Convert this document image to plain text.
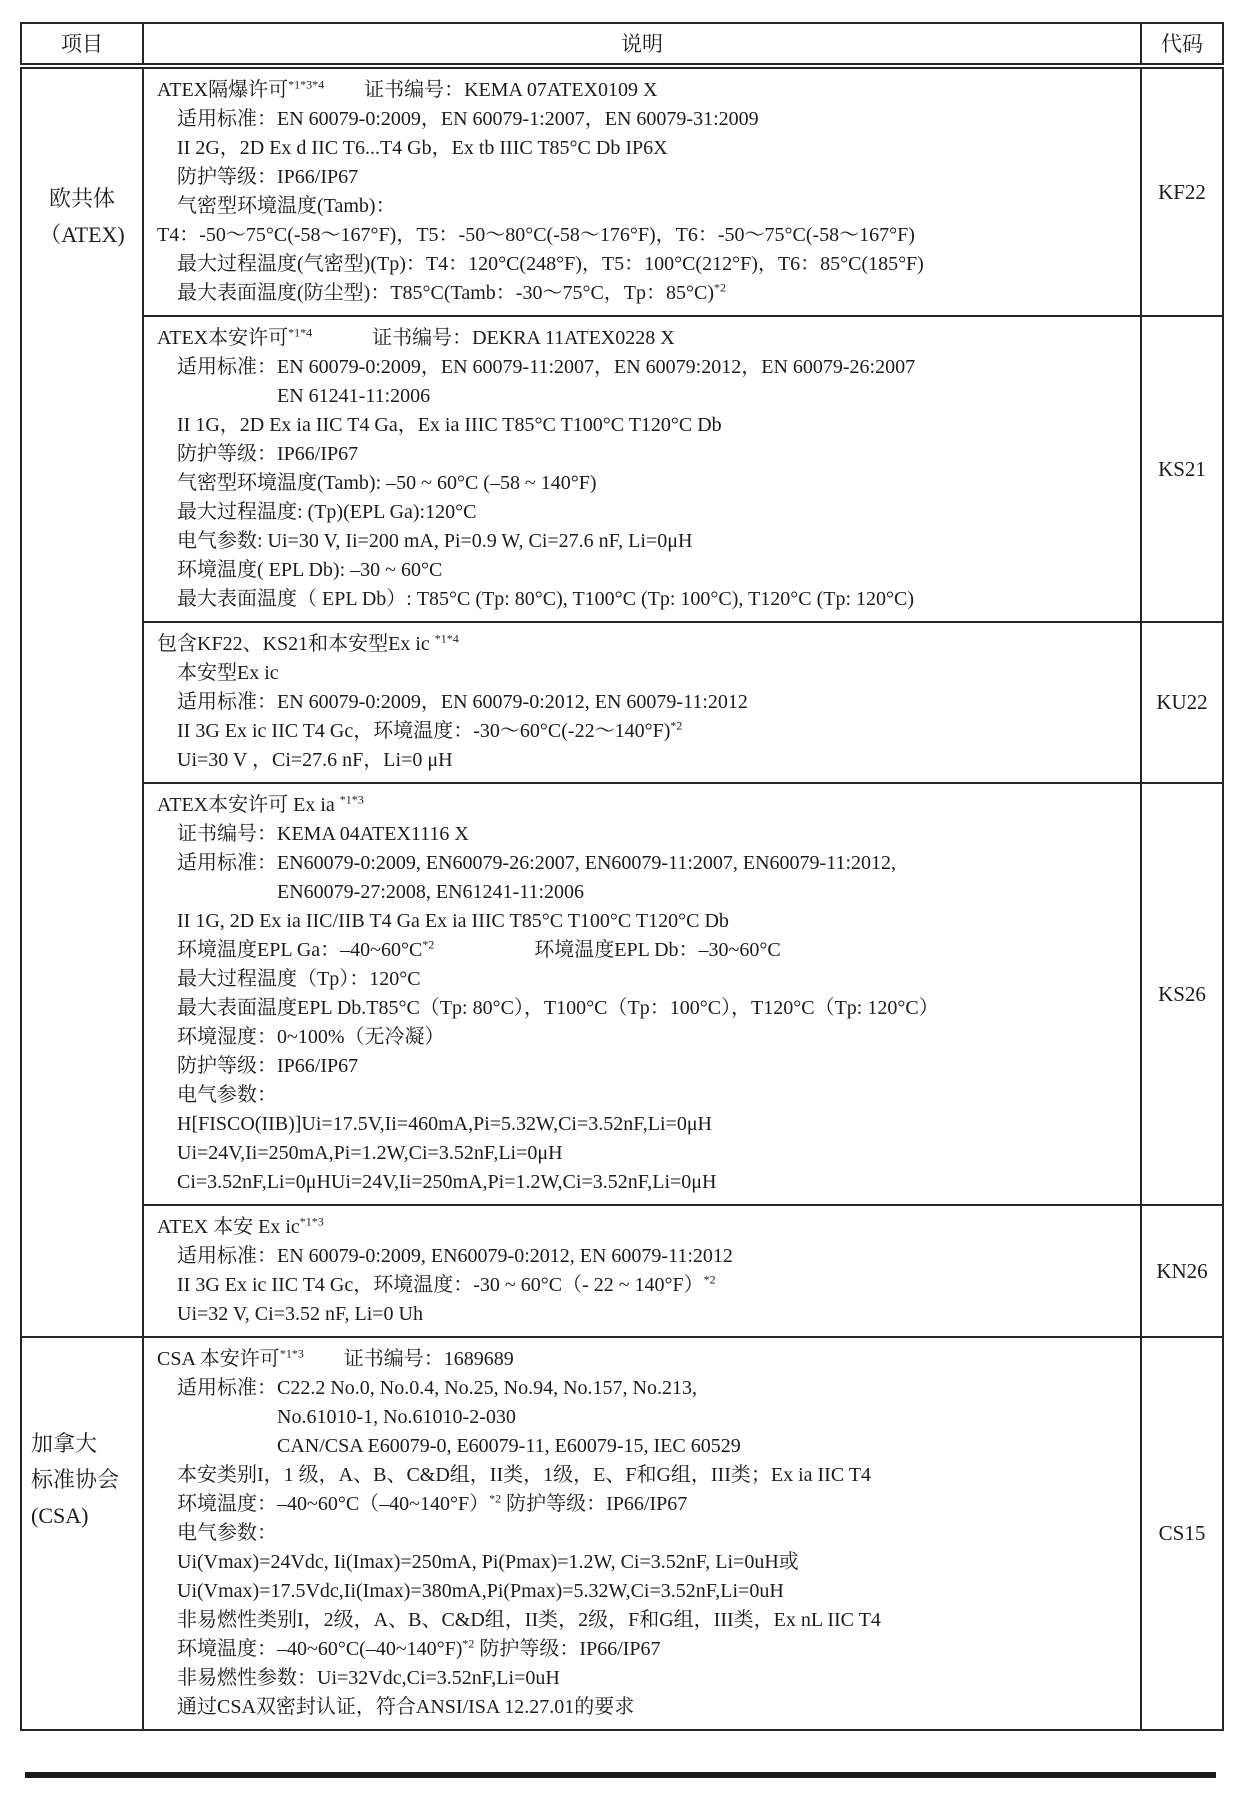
项目	说明	代码

欧共体
（ATEX)

ATEX隔爆许可$^{*1*3*4}$　　证书编号：KEMA 07ATEX0109 X
　适用标准：EN 60079-0:2009，EN 60079-1:2007，EN 60079-31:2009
　II 2G，2D Ex d IIC T6...T4 Gb，Ex tb IIIC T85°C Db IP6X
　防护等级：IP66/IP67
　气密型环境温度(Tamb)：
T4：-50～75°C(-58～167°F)，T5：-50～80°C(-58～176°F)，T6：-50～75°C(-58～167°F)
　最大过程温度(气密型)(Tp)：T4：120°C(248°F)，T5：100°C(212°F)，T6：85°C(185°F)
　最大表面温度(防尘型)：T85°C(Tamb：-30～75°C，Tp：85°C)$^{*2}$
	KF22

ATEX本安许可$^{*1*4}$　　　证书编号：DEKRA 11ATEX0228 X
　适用标准：EN 60079-0:2009，EN 60079-11:2007，EN 60079:2012，EN 60079-26:2007
　　　　　　EN 61241-11:2006
　II 1G，2D Ex ia IIC T4 Ga，Ex ia IIIC T85°C T100°C T120°C Db
　防护等级：IP66/IP67
　气密型环境温度(Tamb): –50 ~ 60°C (–58 ~ 140°F)
　最大过程温度: (Tp)(EPL Ga):120°C
　电气参数: Ui=30 V, Ii=200 mA, Pi=0.9 W, Ci=27.6 nF, Li=0μH
　环境温度( EPL Db): –30 ~ 60°C
　最大表面温度（ EPL Db）: T85°C (Tp: 80°C), T100°C (Tp: 100°C), T120°C (Tp: 120°C)
	KS21

	包含KF22、KS21和本安型Ex ic $^{*1*4}$
　本安型Ex ic
　适用标准：EN 60079-0:2009，EN 60079-0:2012, EN 60079-11:2012
　II 3G Ex ic IIC T4 Gc，环境温度：-30～60°C(-22～140°F)$^{*2}$
　Ui=30 V ，Ci=27.6 nF，Li=0 μH	KU22

ATEX本安许可 Ex ia $^{*1*3}$
　证书编号：KEMA 04ATEX1116 X
　适用标准：EN60079-0:2009, EN60079-26:2007, EN60079-11:2007, EN60079-11:2012,
　　　　　　EN60079-27:2008, EN61241-11:2006
　II 1G, 2D Ex ia IIC/IIB T4 Ga Ex ia IIIC T85°C T100°C T120°C Db
　环境温度EPL Ga：$-40\sim 60^\circ C^{*2}$　　　　　环境温度EPL Db：–30~60°C
　最大过程温度（Tp）：120°C
　最大表面温度EPL Db.T85°C（Tp: 80°C），T100°C（Tp：100°C），T120°C（Tp: 120°C）
　环境湿度：0~100%（无冷凝）
　防护等级：IP66/IP67
　电气参数：
　H[FISCO(IIB)]Ui=17.5V,Ii=460mA,Pi=5.32W,Ci=3.52nF,Li=0μH
　Ui=24V,Ii=250mA,Pi=1.2W,Ci=3.52nF,Li=0μH
　Ci=3.52nF,Li=0μHUi=24V,Ii=250mA,Pi=1.2W,Ci=3.52nF,Li=0μH
	KS26

	ATEX 本安 Ex $ic^{*1*3}$
　适用标准：EN 60079-0:2009, EN60079-0:2012, EN 60079-11:2012
　II 3G Ex ic IIC T4 Gc，环境温度：-30 ~ 60°C（- 22 ~ 140°F）$^{*2}$
　Ui=32 V, Ci=3.52 nF, Li=0 Uh	KN26

加拿大
标准协会
(CSA)

CSA 本安许可$^{*1*3}$　　证书编号：1689689
　适用标准：C22.2 No.0, No.0.4, No.25, No.94, No.157, No.213,
　　　　　　No.61010-1, No.61010-2-030
　　　　　　CAN/CSA E60079-0, E60079-11, E60079-15, IEC 60529
　本安类别I，1 级，A、B、C&D组，II类，1级，E、F和G组，III类；Ex ia IIC T4
　环境温度：–40~60°C（–40~140°F）$^{*2}$ 防护等级：IP66/IP67
　电气参数：
　Ui(Vmax)=24Vdc, Ii(Imax)=250mA, Pi(Pmax)=1.2W, Ci=3.52nF, Li=0uH或
　Ui(Vmax)=17.5Vdc,Ii(Imax)=380mA,Pi(Pmax)=5.32W,Ci=3.52nF,Li=0uH
　非易燃性类别I，2级，A、B、C&D组，II类，2级，F和G组，III类，Ex nL IIC T4
　环境温度：–40~60°C(–40~140°F)$^{*2}$ 防护等级：IP66/IP67
　非易燃性参数：Ui=32Vdc,Ci=3.52nF,Li=0uH
　通过CSA双密封认证，符合ANSI/ISA 12.27.01的要求
	CS15
